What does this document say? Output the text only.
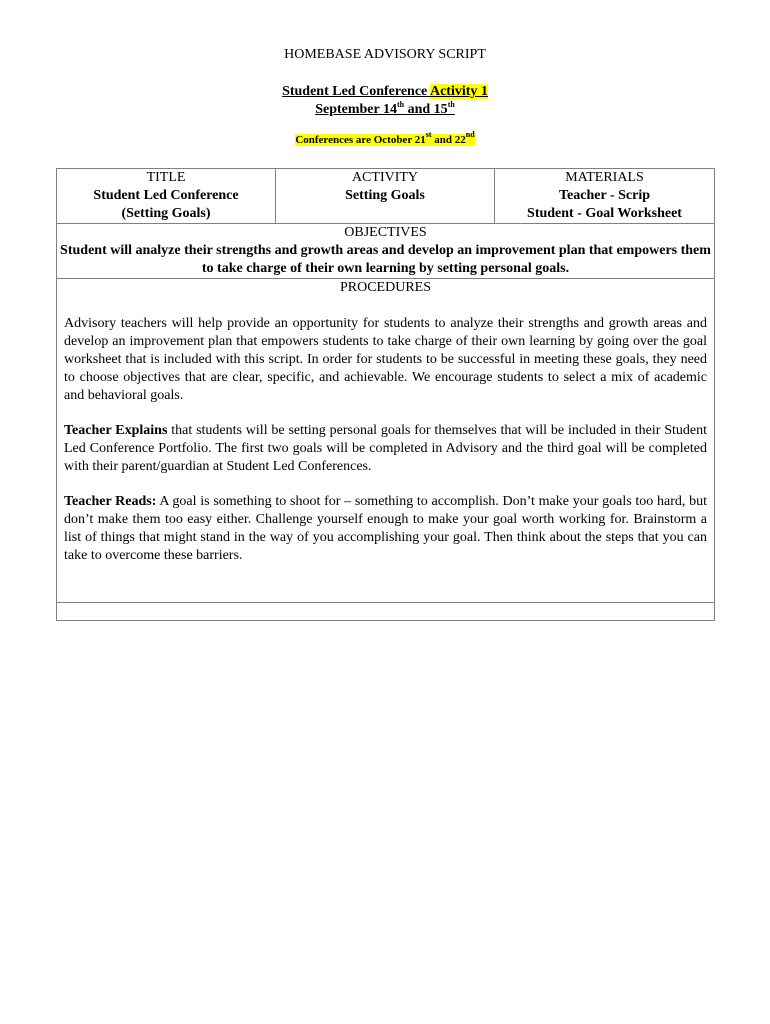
HOMEBASE ADVISORY SCRIPT
Student Led Conference Activity 1
September 14th and 15th
Conferences are October 21st and 22nd
TITLE
Student Led Conference
(Setting Goals)

ACTIVITY
Setting Goals

MATERIALS
Teacher - Scrip
Student - Goal Worksheet

OBJECTIVES
Student will analyze their strengths and growth areas and develop an improvement plan that empowers them to take charge of their own learning by setting personal goals.

PROCEDURES

Advisory teachers will help provide an opportunity for students to analyze their strengths and growth areas and develop an improvement plan that empowers students to take charge of their own learning by going over the goal worksheet that is included with this script. In order for students to be successful in meeting these goals, they need to choose objectives that are clear, specific, and achievable. We encourage students to select a mix of academic and behavioral goals.

Teacher Explains that students will be setting personal goals for themselves that will be included in their Student Led Conference Portfolio. The first two goals will be completed in Advisory and the third goal will be completed with their parent/guardian at Student Led Conferences.

Teacher Reads: A goal is something to shoot for – something to accomplish. Don’t make your goals too hard, but don’t make them too easy either. Challenge yourself enough to make your goal worth working for. Brainstorm a list of things that might stand in the way of you accomplishing your goal. Then think about the steps that you can take to overcome these barriers.
